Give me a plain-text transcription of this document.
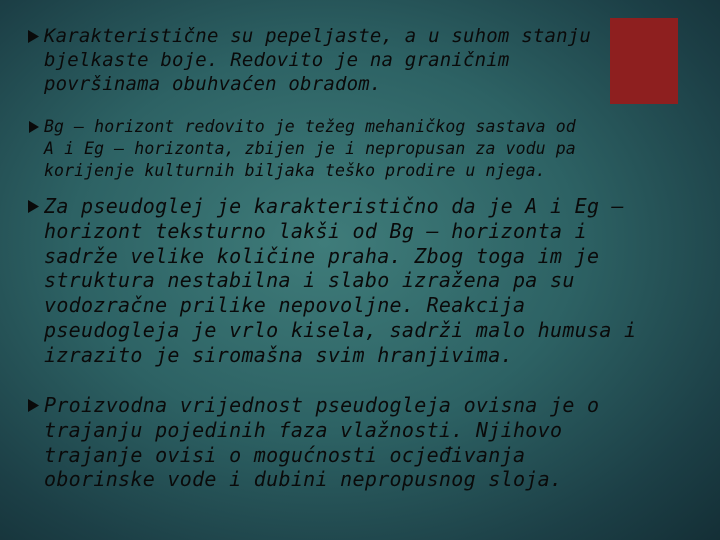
Karakteristične su pepeljaste, a u suhom stanju
bjelkaste boje. Redovito je na graničnim
površinama obuhvaćen obradom.

Bg – horizont redovito je težeg mehaničkog sastava od
A i Eg – horizonta, zbijen je i nepropusan za vodu pa
korijenje kulturnih biljaka teško prodire u njega.

Za pseudoglej je karakteristično da je A i Eg –
horizont teksturno lakši od Bg – horizonta i
sadrže velike količine praha. Zbog toga im je
struktura nestabilna i slabo izražena pa su
vodozračne prilike nepovoljne. Reakcija
pseudogleja je vrlo kisela, sadrži malo humusa i
izrazito je siromašna svim hranjivima.

Proizvodna vrijednost pseudogleja ovisna je o
trajanju pojedinih faza vlažnosti. Njihovo
trajanje ovisi o mogućnosti ocjeđivanja
oborinske vode i dubini nepropusnog sloja.
